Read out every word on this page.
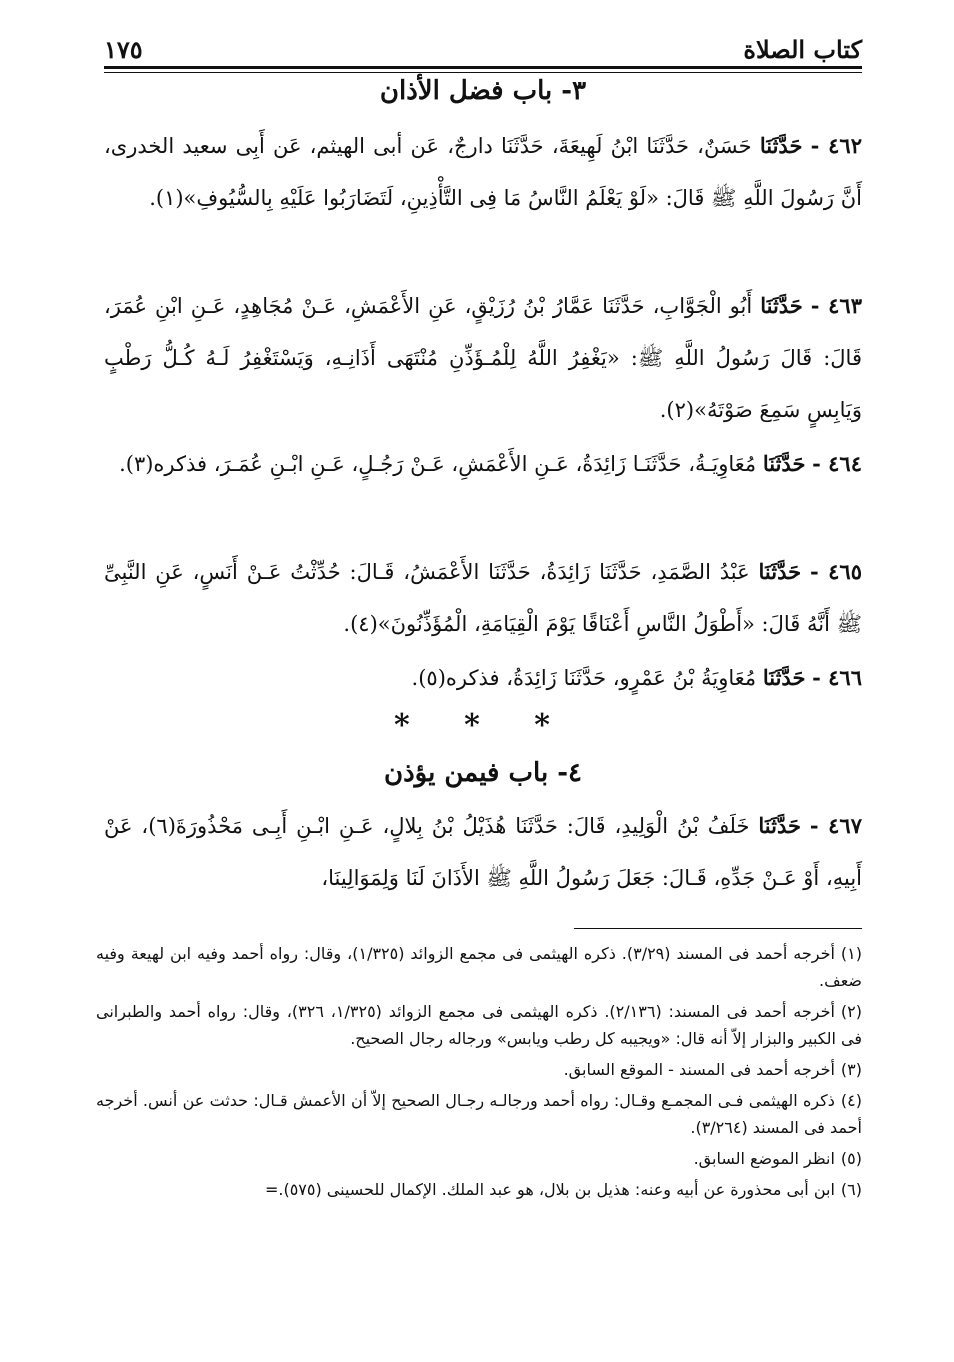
كتاب الصلاة
١٧٥
٣- باب فضل الأذان
٤٦٢ - حَدَّثَنَا حَسَنٌ، حَدَّثَنَا ابْنُ لَهِيعَةَ، حَدَّثَنَا دارجٌ، عَن أبى الهيثم، عَن أَبِى سعيد الخدرى، أَنَّ رَسُولَ اللَّهِ ﷺ قَالَ: «لَوْ يَعْلَمُ النَّاسُ مَا فِى التَّأْذِينِ، لَتَضَارَبُوا عَلَيْهِ بِالسُّيُوفِ»(١).
٤٦٣ - حَدَّثَنَا أَبُو الْجَوَّابِ، حَدَّثَنَا عَمَّارُ بْنُ رُزَيْقٍ، عَنِ الأَعْمَشِ، عَـنْ مُجَاهِدٍ، عَـنِ ابْنِ عُمَرَ، قَالَ: قَالَ رَسُولُ اللَّهِ ﷺ: «يَغْفِرُ اللَّهُ لِلْمُـؤَذِّنِ مُنْتَهَى أَذَانِـهِ، وَيَسْتَغْفِرُ لَـهُ كُـلُّ رَطْبٍ وَيَابِسٍ سَمِعَ صَوْتَهُ»(٢).
٤٦٤ - حَدَّثَنَا مُعَاوِيَـةُ، حَدَّثَنَـا زَائِدَةُ، عَـنِ الأَعْمَشِ، عَـنْ رَجُـلٍ، عَـنِ ابْـنِ عُمَـرَ، فذكره(٣).
٤٦٥ - حَدَّثَنَا عَبْدُ الصَّمَدِ، حَدَّثَنَا زَائِدَةُ، حَدَّثَنَا الأَعْمَشُ، قَـالَ: حُدِّثْتُ عَـنْ أَنَسٍ، عَنِ النَّبِىِّ ﷺ أَنَّهُ قَالَ: «أَطْوَلُ النَّاسِ أَعْنَاقًا يَوْمَ الْقِيَامَةِ، الْمُؤَذِّنُونَ»(٤).
٤٦٦ - حَدَّثَنَا مُعَاوِيَةُ بْنُ عَمْرٍو، حَدَّثَنَا زَائِدَةُ، فذكره(٥).
* * *
٤- باب فيمن يؤذن
٤٦٧ - حَدَّثَنَا خَلَفُ بْنُ الْوَلِيدِ، قَالَ: حَدَّثَنَا هُذَيْلُ بْنُ بِلالٍ، عَـنِ ابْـنِ أَبِـى مَحْذُورَةَ(٦)، عَنْ أَبِيهِ، أَوْ عَـنْ جَدِّهِ، قَـالَ: جَعَلَ رَسُولُ اللَّهِ ﷺ الأَذَانَ لَنَا وَلِمَوَالِينَا،

(١)أخرجه أحمد فى المسند (٣/٢٩). ذكره الهيثمى فى مجمع الزوائد (١/٣٢٥)، وقال: رواه أحمد وفيه ابن لهيعة وفيه ضعف.

(٢)أخرجه أحمد فى المسند: (٢/١٣٦). ذكره الهيثمى فى مجمع الزوائد (١/٣٢٥، ٣٢٦)، وقال: رواه أحمد والطبرانى فى الكبير والبزار إلاّ أنه قال: «ويجيبه كل رطب ويابس» ورجاله رجال الصحيح.

(٣)أخرجه أحمد فى المسند - الموقع السابق.

(٤)ذكره الهيثمى فـى المجمـع وقـال: رواه أحمد ورجالـه رجـال الصحيح إلاّ أن الأعمش قـال: حدثت عن أنس. أخرجه أحمد فى المسند (٣/٢٦٤).

(٥)انظر الموضع السابق.

(٦)ابن أبى محذورة عن أبيه وعنه: هذيل بن بلال، هو عبد الملك. الإكمال للحسينى (٥٧٥).=
